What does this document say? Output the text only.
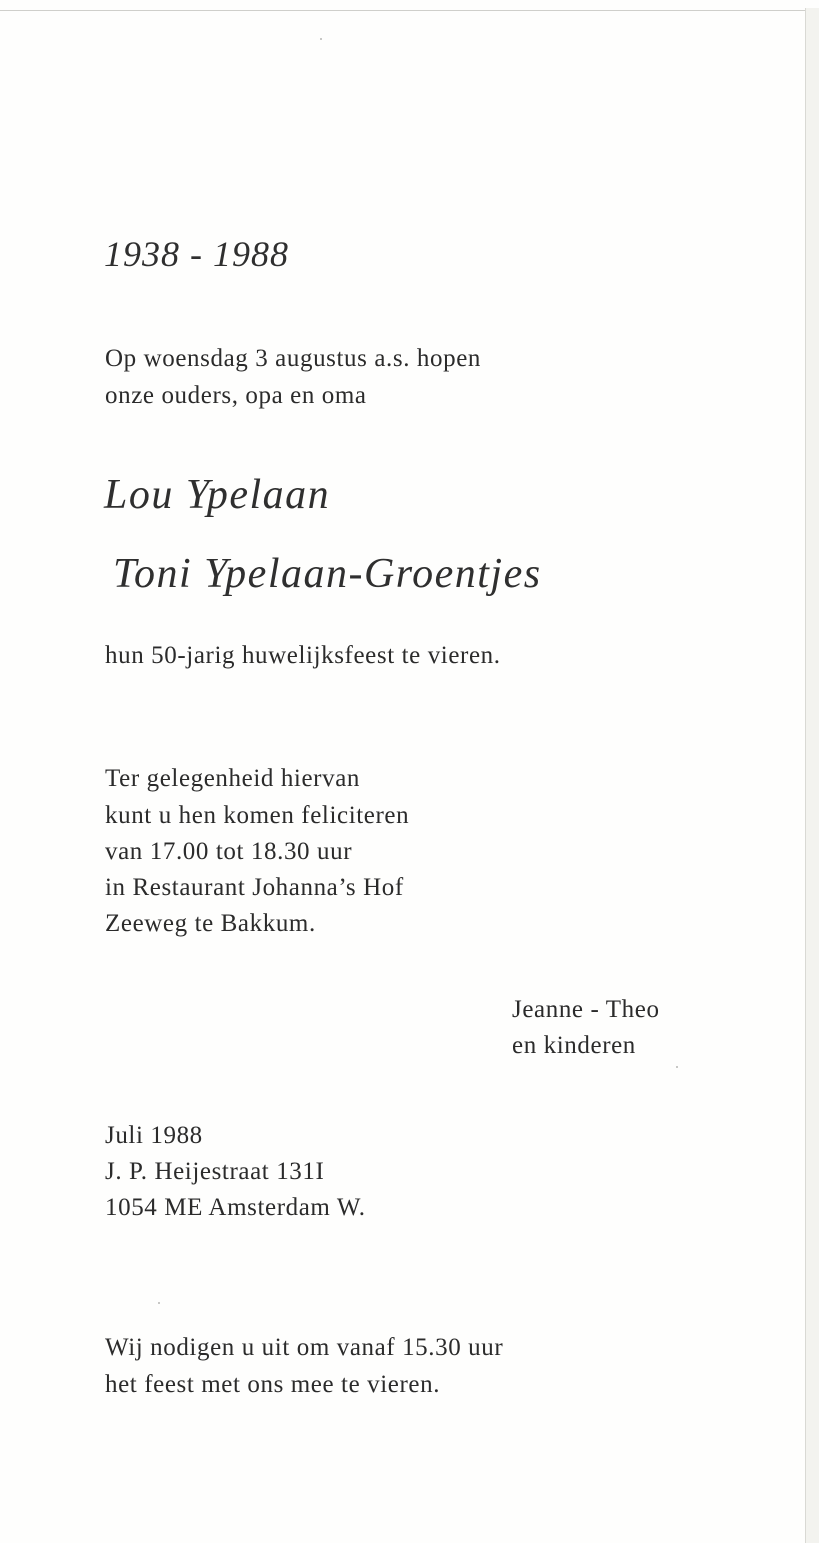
1938 - 1988
Op woensdag 3 augustus a.s. hopen
onze ouders, opa en oma
Lou Ypelaan
Toni Ypelaan-Groentjes
hun 50-jarig huwelijksfeest te vieren.
Ter gelegenheid hiervan
kunt u hen komen feliciteren
van 17.00 tot 18.30 uur
in Restaurant Johanna’s Hof
Zeeweg te Bakkum.
Jeanne - Theo
en kinderen
Juli 1988
J. P. Heijestraat 131I
1054 ME Amsterdam W.
Wij nodigen u uit om vanaf 15.30 uur
het feest met ons mee te vieren.
